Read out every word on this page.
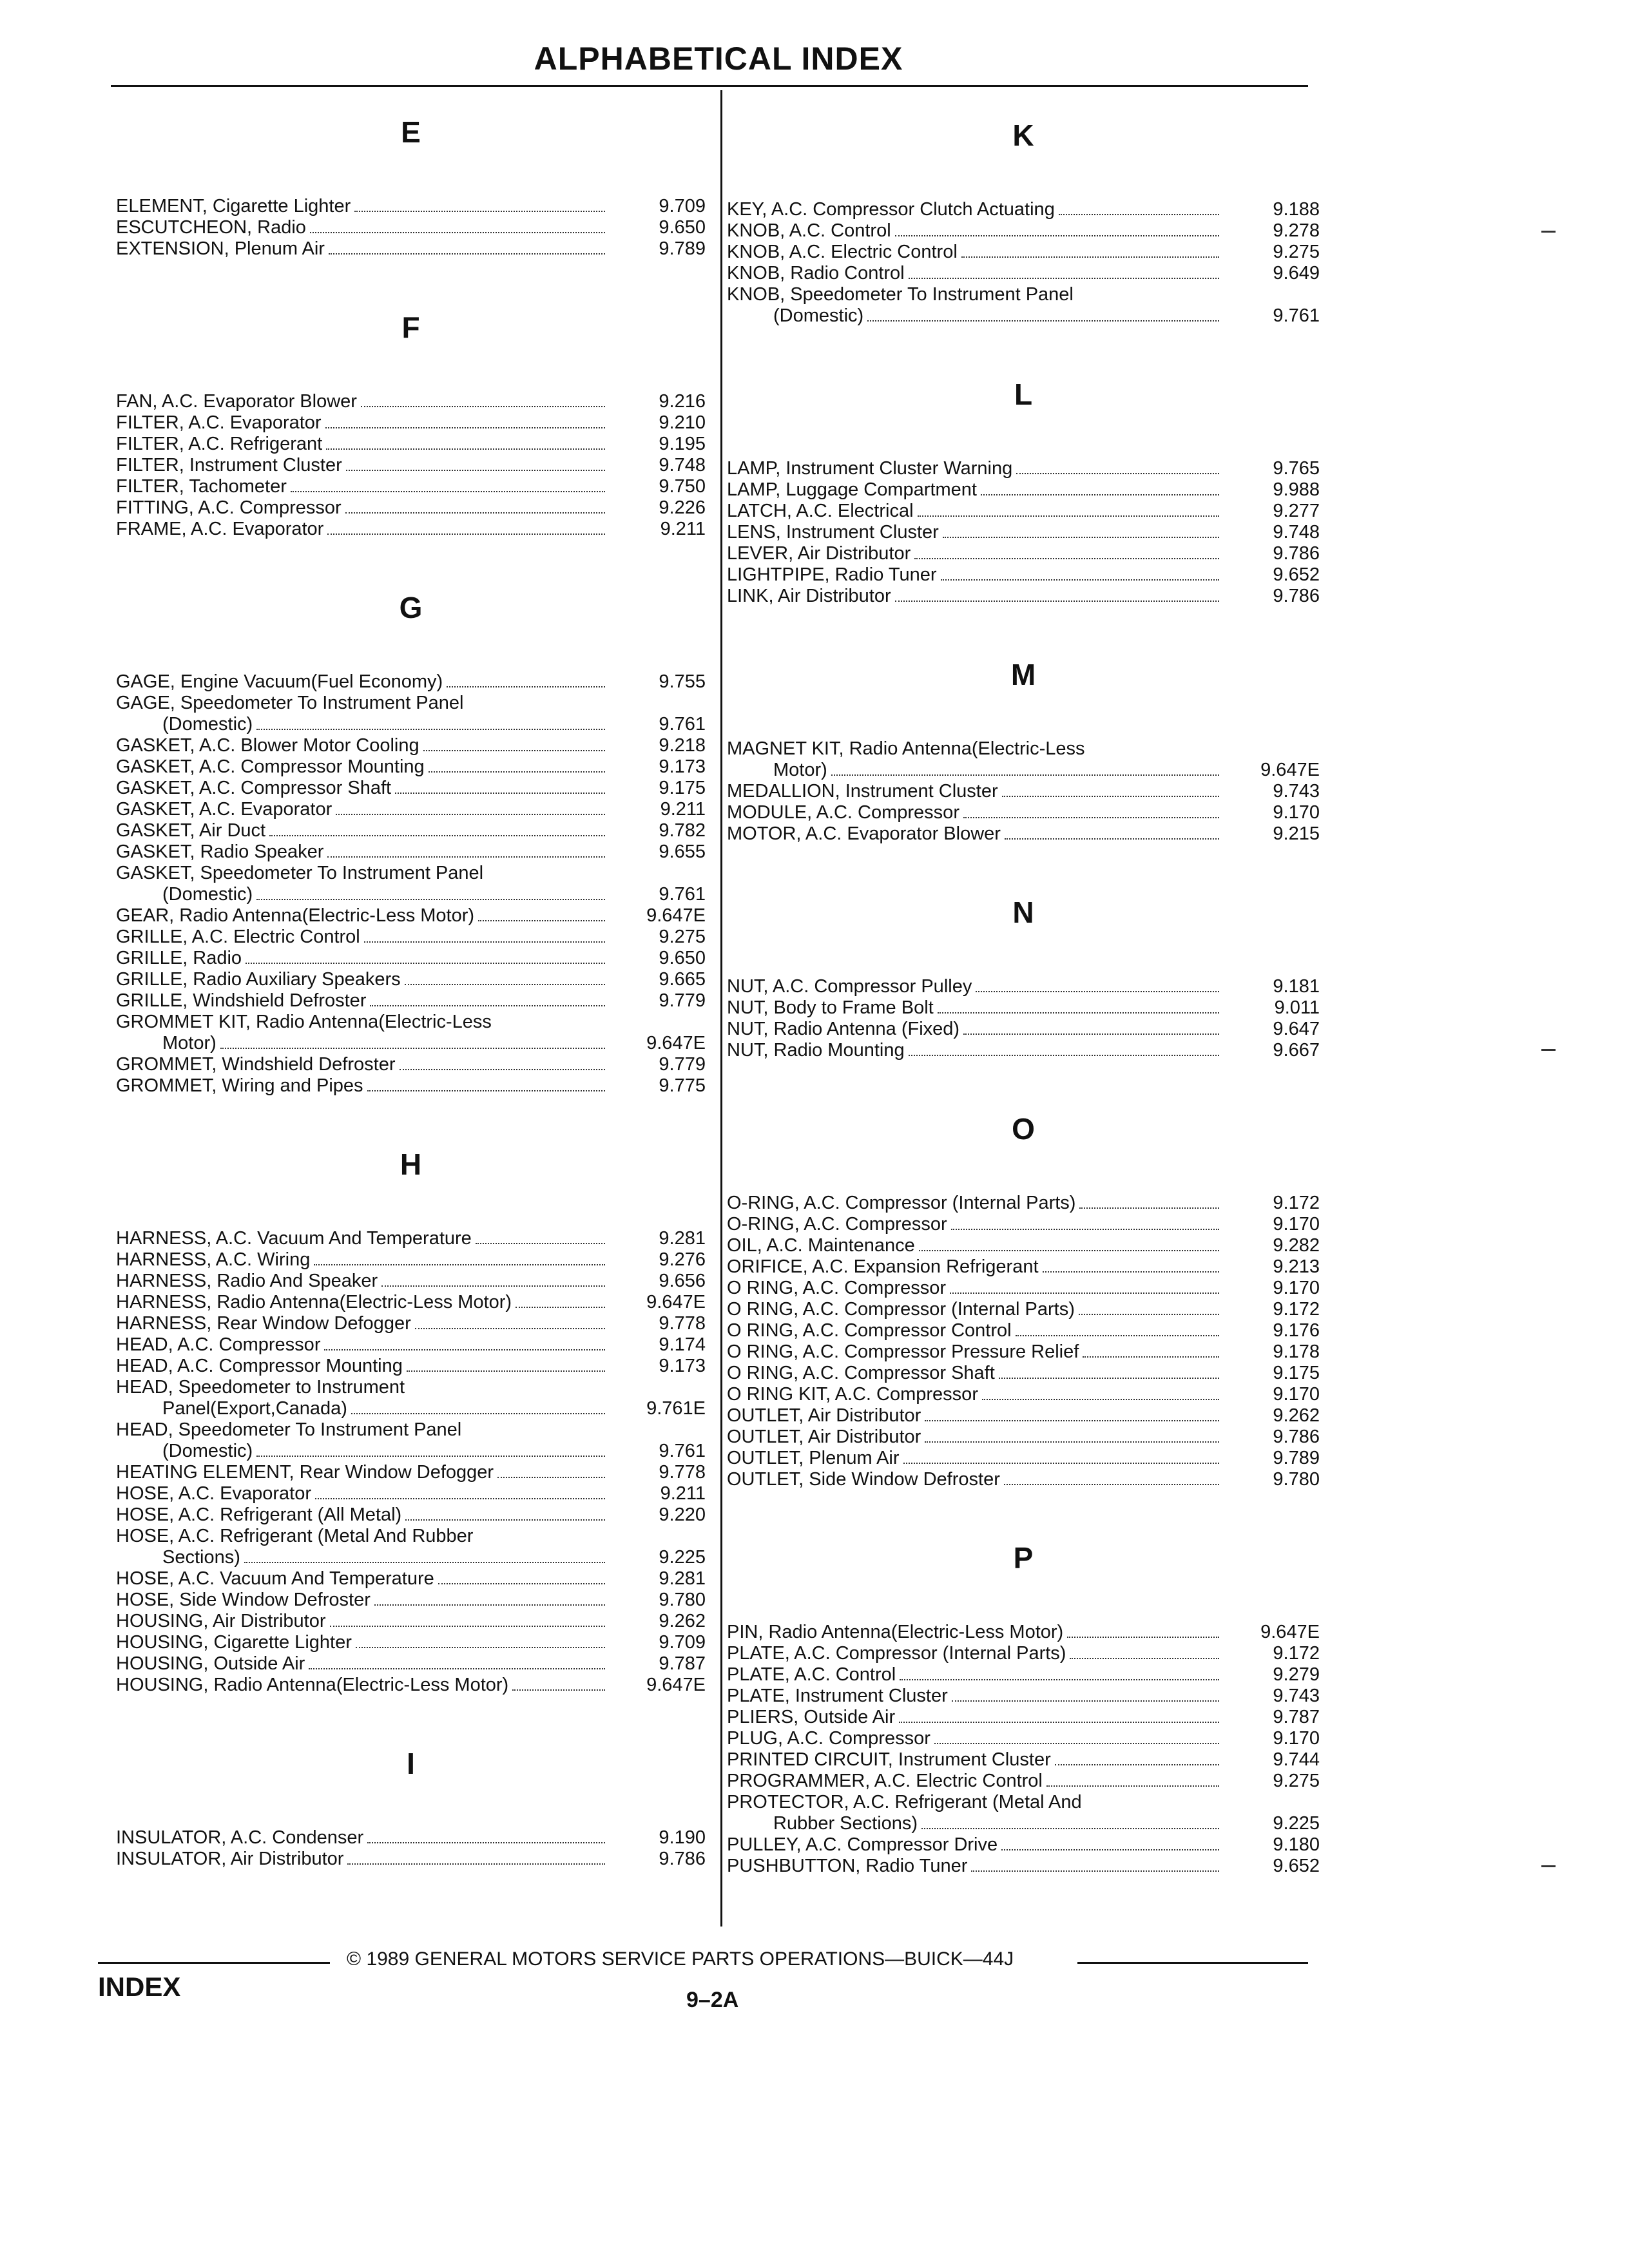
ALPHABETICAL INDEX
E
ELEMENT, Cigarette Lighter	9.709
ESCUTCHEON, Radio	9.650
EXTENSION, Plenum Air	9.789
F
FAN, A.C. Evaporator Blower	9.216
FILTER, A.C. Evaporator	9.210
FILTER, A.C. Refrigerant	9.195
FILTER, Instrument Cluster	9.748
FILTER, Tachometer	9.750
FITTING, A.C. Compressor	9.226
FRAME, A.C. Evaporator	9.211
G
GAGE, Engine Vacuum(Fuel Economy)	9.755
GAGE, Speedometer To Instrument Panel
(Domestic)	9.761
GASKET, A.C. Blower Motor Cooling	9.218
GASKET, A.C. Compressor Mounting	9.173
GASKET, A.C. Compressor Shaft	9.175
GASKET, A.C. Evaporator	9.211
GASKET, Air Duct	9.782
GASKET, Radio Speaker	9.655
GASKET, Speedometer To Instrument Panel
(Domestic)	9.761
GEAR, Radio Antenna(Electric-Less Motor)	9.647E
GRILLE, A.C. Electric Control	9.275
GRILLE, Radio	9.650
GRILLE, Radio Auxiliary Speakers	9.665
GRILLE, Windshield Defroster	9.779
GROMMET KIT, Radio Antenna(Electric-Less
Motor)	9.647E
GROMMET, Windshield Defroster	9.779
GROMMET, Wiring and Pipes	9.775
H
HARNESS, A.C. Vacuum And Temperature	9.281
HARNESS, A.C. Wiring	9.276
HARNESS, Radio And Speaker	9.656
HARNESS, Radio Antenna(Electric-Less Motor)	9.647E
HARNESS, Rear Window Defogger	9.778
HEAD, A.C. Compressor	9.174
HEAD, A.C. Compressor Mounting	9.173
HEAD, Speedometer to Instrument
Panel(Export,Canada)	9.761E
HEAD, Speedometer To Instrument Panel
(Domestic)	9.761
HEATING ELEMENT, Rear Window Defogger	9.778
HOSE, A.C. Evaporator	9.211
HOSE, A.C. Refrigerant (All Metal)	9.220
HOSE, A.C. Refrigerant (Metal And Rubber
Sections)	9.225
HOSE, A.C. Vacuum And Temperature	9.281
HOSE, Side Window Defroster	9.780
HOUSING, Air Distributor	9.262
HOUSING, Cigarette Lighter	9.709
HOUSING, Outside Air	9.787
HOUSING, Radio Antenna(Electric-Less Motor)	9.647E
I
INSULATOR, A.C. Condenser	9.190
INSULATOR, Air Distributor	9.786
K
KEY, A.C. Compressor Clutch Actuating	9.188
KNOB, A.C. Control	9.278
KNOB, A.C. Electric Control	9.275
KNOB, Radio Control	9.649
KNOB, Speedometer To Instrument Panel
(Domestic)	9.761
L
LAMP, Instrument Cluster Warning	9.765
LAMP, Luggage Compartment	9.988
LATCH, A.C. Electrical	9.277
LENS, Instrument Cluster	9.748
LEVER, Air Distributor	9.786
LIGHTPIPE, Radio Tuner	9.652
LINK, Air Distributor	9.786
M
MAGNET KIT, Radio Antenna(Electric-Less
Motor)	9.647E
MEDALLION, Instrument Cluster	9.743
MODULE, A.C. Compressor	9.170
MOTOR, A.C. Evaporator Blower	9.215
N
NUT, A.C. Compressor Pulley	9.181
NUT, Body to Frame Bolt	9.011
NUT, Radio Antenna (Fixed)	9.647
NUT, Radio Mounting	9.667
O
O-RING, A.C. Compressor (Internal Parts)	9.172
O-RING, A.C. Compressor	9.170
OIL, A.C. Maintenance	9.282
ORIFICE, A.C. Expansion Refrigerant	9.213
O RING, A.C. Compressor	9.170
O RING, A.C. Compressor (Internal Parts)	9.172
O RING, A.C. Compressor Control	9.176
O RING, A.C. Compressor Pressure Relief	9.178
O RING, A.C. Compressor Shaft	9.175
O RING KIT, A.C. Compressor	9.170
OUTLET, Air Distributor	9.262
OUTLET, Air Distributor	9.786
OUTLET, Plenum Air	9.789
OUTLET, Side Window Defroster	9.780
P
PIN, Radio Antenna(Electric-Less Motor)	9.647E
PLATE, A.C. Compressor (Internal Parts)	9.172
PLATE, A.C. Control	9.279
PLATE, Instrument Cluster	9.743
PLIERS, Outside Air	9.787
PLUG, A.C. Compressor	9.170
PRINTED CIRCUIT, Instrument Cluster	9.744
PROGRAMMER, A.C. Electric Control	9.275
PROTECTOR, A.C. Refrigerant (Metal And
Rubber Sections)	9.225
PULLEY, A.C. Compressor Drive	9.180
PUSHBUTTON, Radio Tuner	9.652
© 1989 GENERAL MOTORS SERVICE PARTS OPERATIONS—BUICK—44J
INDEX	9–2A
